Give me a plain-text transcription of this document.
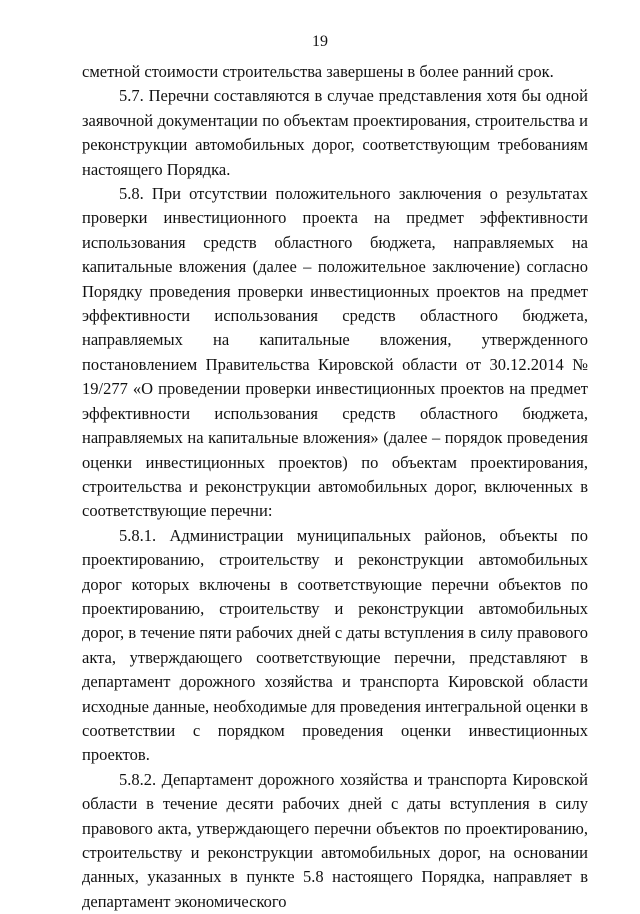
19

сметной стоимости строительства завершены в более ранний срок.

5.7. Перечни составляются в случае представления хотя бы одной заявочной документации по объектам проектирования, строительства и реконструкции автомобильных дорог, соответствующим требованиям настоящего Порядка.

5.8. При отсутствии положительного заключения о результатах проверки инвестиционного проекта на предмет эффективности использования средств областного бюджета, направляемых на капитальные вложения (далее – положительное заключение) согласно Порядку проведения проверки инвестиционных проектов на предмет эффективности использования средств областного бюджета, направляемых на капитальные вложения, утвержденного постановлением Правительства Кировской области от 30.12.2014 № 19/277 «О проведении проверки инвестиционных проектов на предмет эффективности использования средств областного бюджета, направляемых на капитальные вложения» (далее – порядок проведения оценки инвестиционных проектов) по объектам проектирования, строительства и реконструкции автомобильных дорог, включенных в соответствующие перечни:

5.8.1. Администрации муниципальных районов, объекты по проектированию, строительству и реконструкции автомобильных дорог которых включены в соответствующие перечни объектов по проектированию, строительству и реконструкции автомобильных дорог, в течение пяти рабочих дней с даты вступления в силу правового акта, утверждающего соответствующие перечни, представляют в департамент дорожного хозяйства и транспорта Кировской области исходные данные, необходимые для проведения интегральной оценки в соответствии с порядком проведения оценки инвестиционных проектов.

5.8.2. Департамент дорожного хозяйства и транспорта Кировской области в течение десяти рабочих дней с даты вступления в силу правового акта, утверждающего перечни объектов по проектированию, строительству и реконструкции автомобильных дорог, на основании данных, указанных в пункте 5.8 настоящего Порядка, направляет в департамент экономического
